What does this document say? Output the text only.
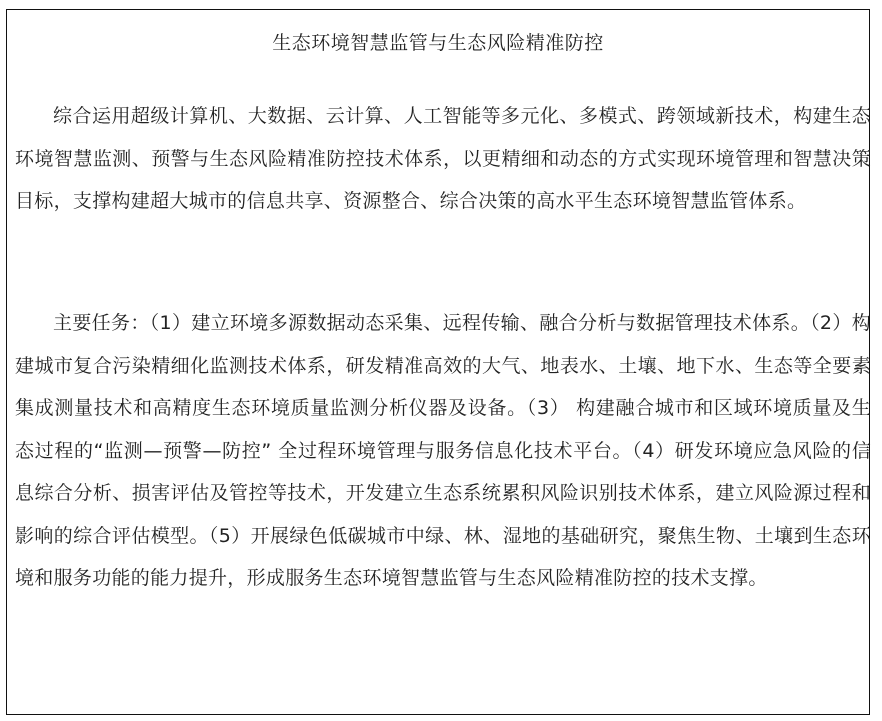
生态环境智慧监管与生态风险精准防控

综合运用超级计算机、大数据、云计算、人工智能等多元化、多模式、跨领域新技术，构建生态环境智慧监测、预警与生态风险精准防控技术体系，以更精细和动态的方式实现环境管理和智慧决策目标，支撑构建超大城市的信息共享、资源整合、综合决策的高水平生态环境智慧监管体系。

主要任务：（1）建立环境多源数据动态采集、远程传输、融合分析与数据管理技术体系。（2）构建城市复合污染精细化监测技术体系，研发精准高效的大气、地表水、土壤、地下水、生态等全要素集成测量技术和高精度生态环境质量监测分析仪器及设备。（3） 构建融合城市和区域环境质量及生态过程的“监测—预警—防控” 全过程环境管理与服务信息化技术平台。（4）研发环境应急风险的信息综合分析、损害评估及管控等技术，开发建立生态系统累积风险识别技术体系，建立风险源过程和影响的综合评估模型。（5）开展绿色低碳城市中绿、林、湿地的基础研究，聚焦生物、土壤到生态环境和服务功能的能力提升，形成服务生态环境智慧监管与生态风险精准防控的技术支撑。
